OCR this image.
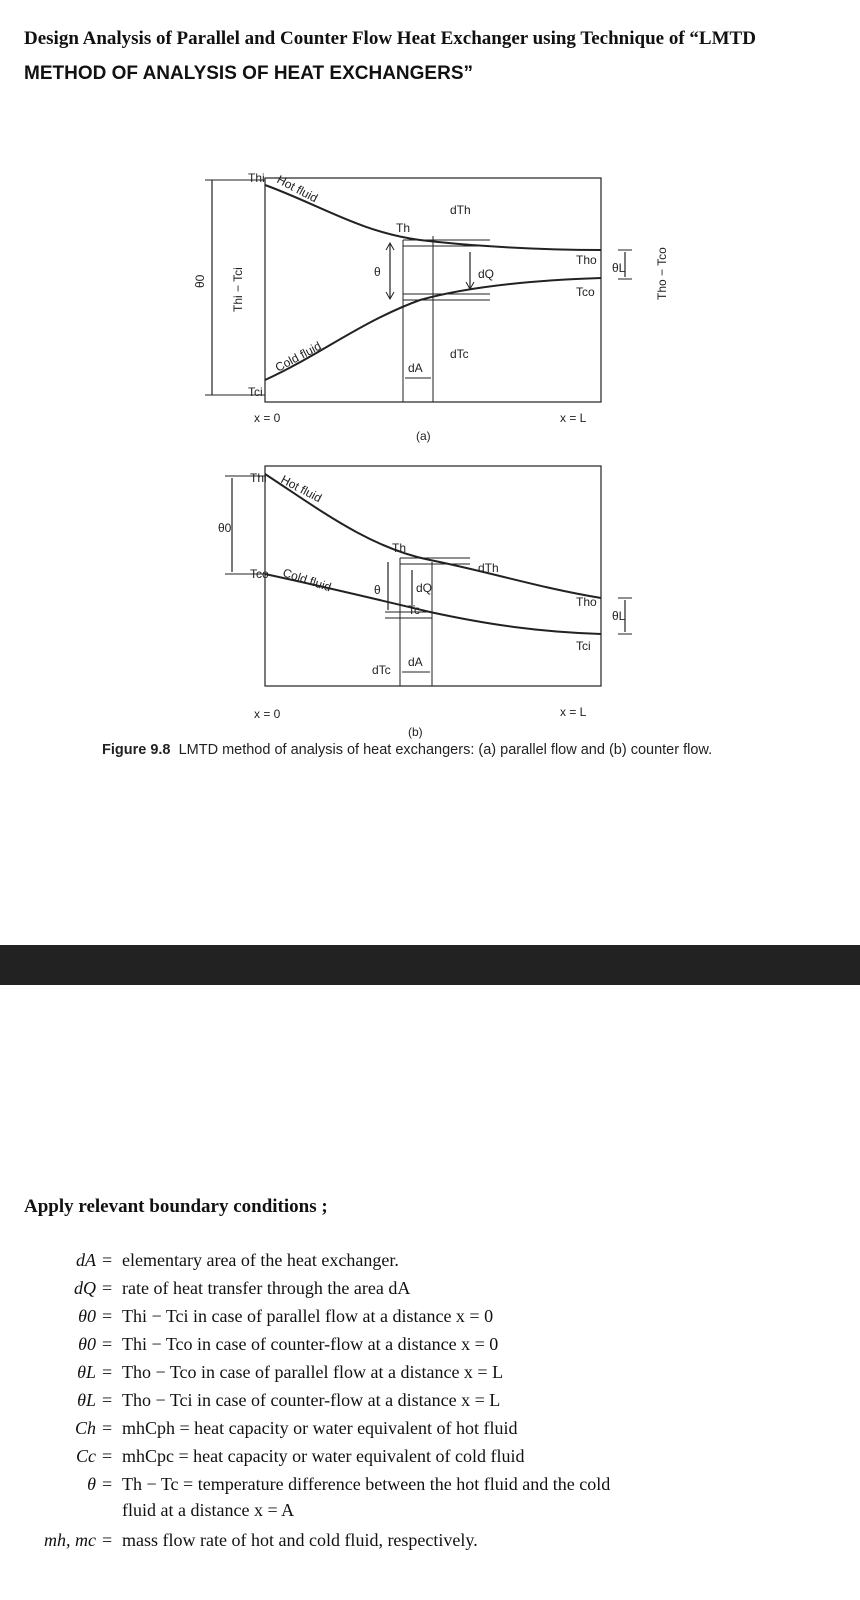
Design Analysis of Parallel and Counter Flow Heat Exchanger using Technique of “LMTD
METHOD OF ANALYSIS OF HEAT EXCHANGERS”
Thi Hot fluid
Cold fluid
Tci
θ0 Thi − Tci
Th
θ
dTh
dQ
dTc
dA
Tho
Tco
θL Tho − Tco
x = 0	x = L
(a)
Thi Hot fluid
Tco Cold fluid
θ0
Th
θ	dQ
Tc
dTh
dTc
dA
Tho
Tci
θL
x = 0	x = L
(b)
Figure 9.8 LMTD method of analysis of heat exchangers: (a) parallel flow and (b) counter flow.
Apply relevant boundary conditions ;
dA = elementary area of the heat exchanger.
dQ = rate of heat transfer through the area dA
θ0 = Thi − Tci in case of parallel flow at a distance x = 0
θ0 = Thi − Tco in case of counter-flow at a distance x = 0
θL = Tho − Tco in case of parallel flow at a distance x = L
θL = Tho − Tci in case of counter-flow at a distance x = L
Ch = mhCph = heat capacity or water equivalent of hot fluid
Cc = mhCpc = heat capacity or water equivalent of cold fluid
θ = Th − Tc = temperature difference between the hot fluid and the cold
fluid at a distance x = A
mh, mc = mass flow rate of hot and cold fluid, respectively.
